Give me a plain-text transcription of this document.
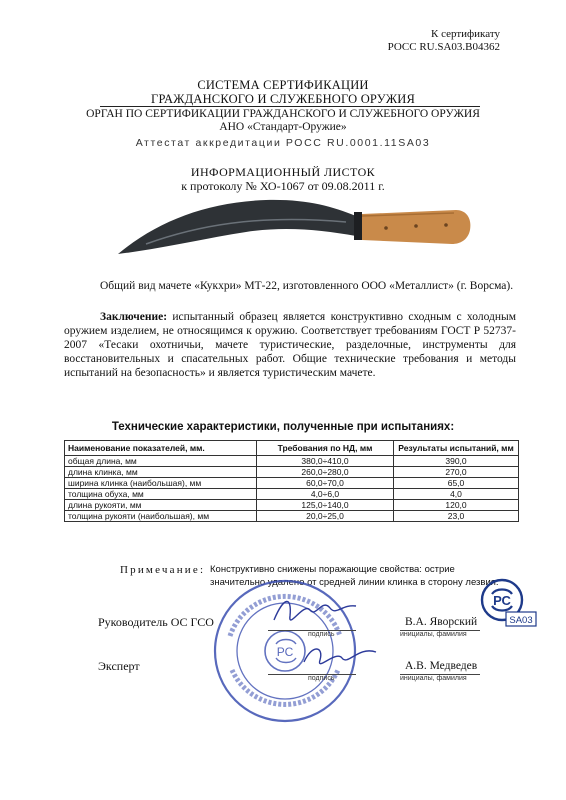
К сертификату
РОСС RU.SA03.B04362
СИСТЕМА СЕРТИФИКАЦИИ
ГРАЖДАНСКОГО И СЛУЖЕБНОГО ОРУЖИЯ
ОРГАН ПО СЕРТИФИКАЦИИ ГРАЖДАНСКОГО И СЛУЖЕБНОГО ОРУЖИЯ
АНО «Стандарт-Оружие»
Аттестат аккредитации РОСС RU.0001.11SA03
ИНФОРМАЦИОННЫЙ ЛИСТОК
к протоколу № ХО-1067 от 09.08.2011 г.
Общий вид мачете «Кукхри» МТ-22, изготовленного ООО «Металлист» (г. Ворсма).
Заключение: испытанный образец является конструктивно сходным с холодным оружием изделием, не относящимся к оружию. Соответствует требованиям ГОСТ Р 52737-2007 «Тесаки охотничьи, мачете туристические, разделочные, инструменты для восстановительных и спасательных работ. Общие технические требования и методы испытаний на безопасность» и является туристическим мачете.
Технические характеристики, полученные при испытаниях:
Наименование показателей, мм.	Требования по НД, мм	Результаты испытаний, мм
общая длина, мм	380,0÷410,0	390,0
длина клинка, мм	260,0÷280,0	270,0
ширина клинка (наибольшая), мм	60,0÷70,0	65,0
толщина обуха, мм	4,0÷6,0	4,0
длина рукояти, мм	125,0÷140,0	120,0
толщина рукояти (наибольшая), мм	20,0÷25,0	23,0
Примечание: Конструктивно снижены поражающие свойства: острие значительно удалено от средней линии клинка в сторону лезвия.
РС
Руководитель ОС ГСО
подпись
В.А. Яворский
инициалы, фамилия
Эксперт
подпись
А.В. Медведев
инициалы, фамилия
РС
SA03
